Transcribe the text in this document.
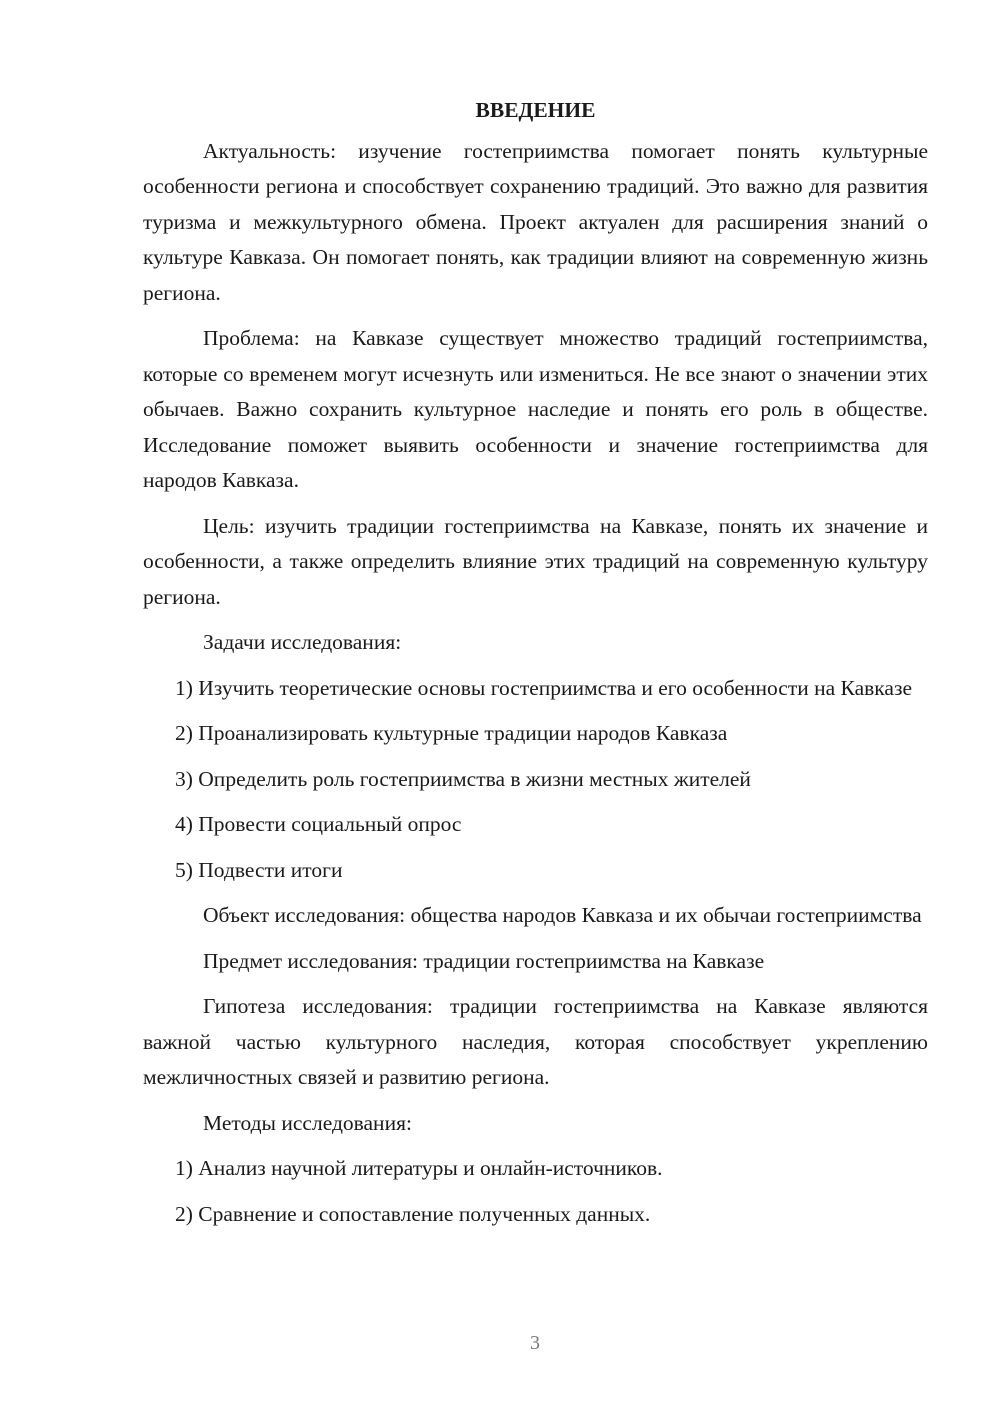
ВВЕДЕНИЕ

Актуальность: изучение гостеприимства помогает понять культурные особенности региона и способствует сохранению традиций. Это важно для развития туризма и межкультурного обмена. Проект актуален для расширения знаний о культуре Кавказа. Он помогает понять, как традиции влияют на современную жизнь региона.

Проблема: на Кавказе существует множество традиций гостеприимства, которые со временем могут исчезнуть или измениться. Не все знают о значении этих обычаев. Важно сохранить культурное наследие и понять его роль в обществе. Исследование поможет выявить особенности и значение гостеприимства для народов Кавказа.

Цель: изучить традиции гостеприимства на Кавказе, понять их значение и особенности, а также определить влияние этих традиций на современную культуру региона.

Задачи исследования:

1) Изучить теоретические основы гостеприимства и его особенности на Кавказе

2) Проанализировать культурные традиции народов Кавказа

3) Определить роль гостеприимства в жизни местных жителей

4) Провести социальный опрос

5) Подвести итоги

Объект исследования: общества народов Кавказа и их обычаи гостеприимства

Предмет исследования: традиции гостеприимства на Кавказе

Гипотеза исследования: традиции гостеприимства на Кавказе являются важной частью культурного наследия, которая способствует укреплению межличностных связей и развитию региона.

Методы исследования:

1) Анализ научной литературы и онлайн-источников.

2) Сравнение и сопоставление полученных данных.

3
